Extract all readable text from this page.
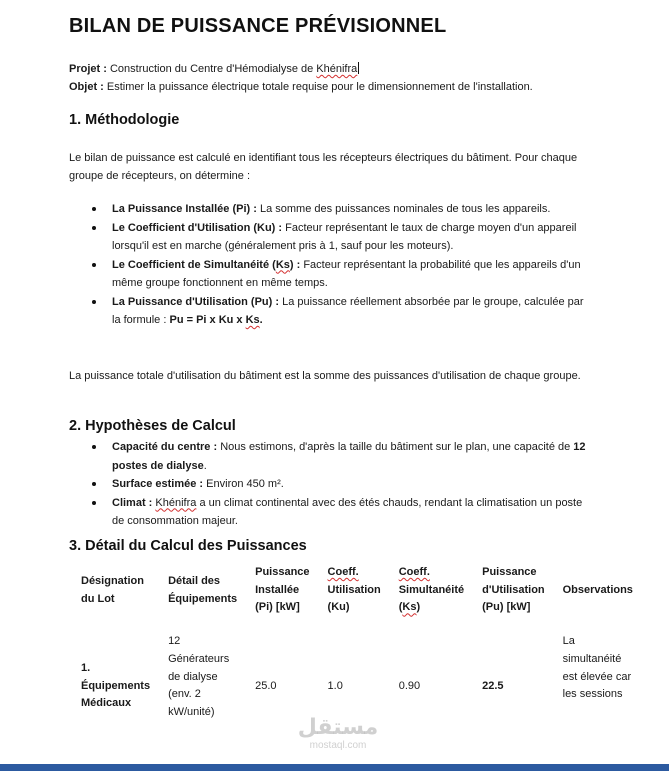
BILAN DE PUISSANCE PRÉVISIONNEL
Projet : Construction du Centre d'Hémodialyse de Khénifra
Objet : Estimer la puissance électrique totale requise pour le dimensionnement de l'installation.
1. Méthodologie

Le bilan de puissance est calculé en identifiant tous les récepteurs électriques du bâtiment. Pour chaque groupe de récepteurs, on détermine :

La Puissance Installée (Pi) : La somme des puissances nominales de tous les appareils.
Le Coefficient d'Utilisation (Ku) : Facteur représentant le taux de charge moyen d'un appareil lorsqu'il est en marche (généralement pris à 1, sauf pour les moteurs).
Le Coefficient de Simultanéité (Ks) : Facteur représentant la probabilité que les appareils d'un même groupe fonctionnent en même temps.
La Puissance d'Utilisation (Pu) : La puissance réellement absorbée par le groupe, calculée par la formule : Pu = Pi x Ku x Ks.

La puissance totale d'utilisation du bâtiment est la somme des puissances d'utilisation de chaque groupe.

2. Hypothèses de Calcul
Capacité du centre : Nous estimons, d'après la taille du bâtiment sur le plan, une capacité de 12 postes de dialyse.
Surface estimée : Environ 450 m².
Climat : Khénifra a un climat continental avec des étés chauds, rendant la climatisation un poste de consommation majeur.
3. Détail du Calcul des Puissances
Désignation du Lot	Détail des Équipements	Puissance Installée (Pi) [kW]	Coeff. Utilisation (Ku)	Coeff. Simultanéité (Ks)	Puissance d'Utilisation (Pu) [kW]	Observations
1. Équipements Médicaux	12 Générateurs de dialyse (env. 2 kW/unité)	25.0	1.0	0.90	22.5	La simultanéité est élevée car les sessions
مستقل
mostaql.com
